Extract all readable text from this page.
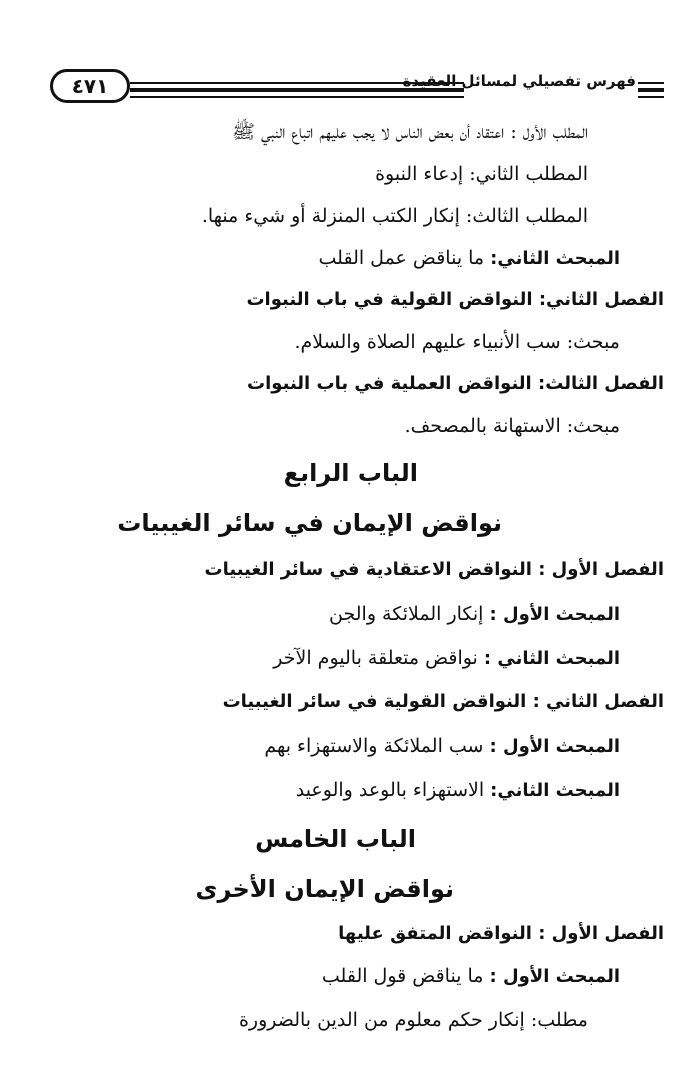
٤٧١	فهرس تفصيلي لمسائل العقيدة
المطلب الأول : اعتقاد أن بعض الناس لا يجب عليهم اتباع النبي ﷺ
المطلب الثاني: إدعاء النبوة
المطلب الثالث: إنكار الكتب المنزلة أو شيء منها.
المبحث الثاني: ما يناقض عمل القلب
الفصل الثاني: النواقض القولية في باب النبوات
مبحث: سب الأنبياء عليهم الصلاة والسلام.
الفصل الثالث: النواقض العملية في باب النبوات
مبحث: الاستهانة بالمصحف.
الباب الرابع
نواقض الإيمان في سائر الغيبيات
الفصل الأول : النواقض الاعتقادية في سائر الغيبيات
المبحث الأول : إنكار الملائكة والجن
المبحث الثاني : نواقض متعلقة باليوم الآخر
الفصل الثاني : النواقض القولية في سائر الغيبيات
المبحث الأول : سب الملائكة والاستهزاء بهم
المبحث الثاني: الاستهزاء بالوعد والوعيد
الباب الخامس
نواقض الإيمان الأخرى
الفصل الأول : النواقض المتفق عليها
المبحث الأول : ما يناقض قول القلب
مطلب: إنكار حكم معلوم من الدين بالضرورة
